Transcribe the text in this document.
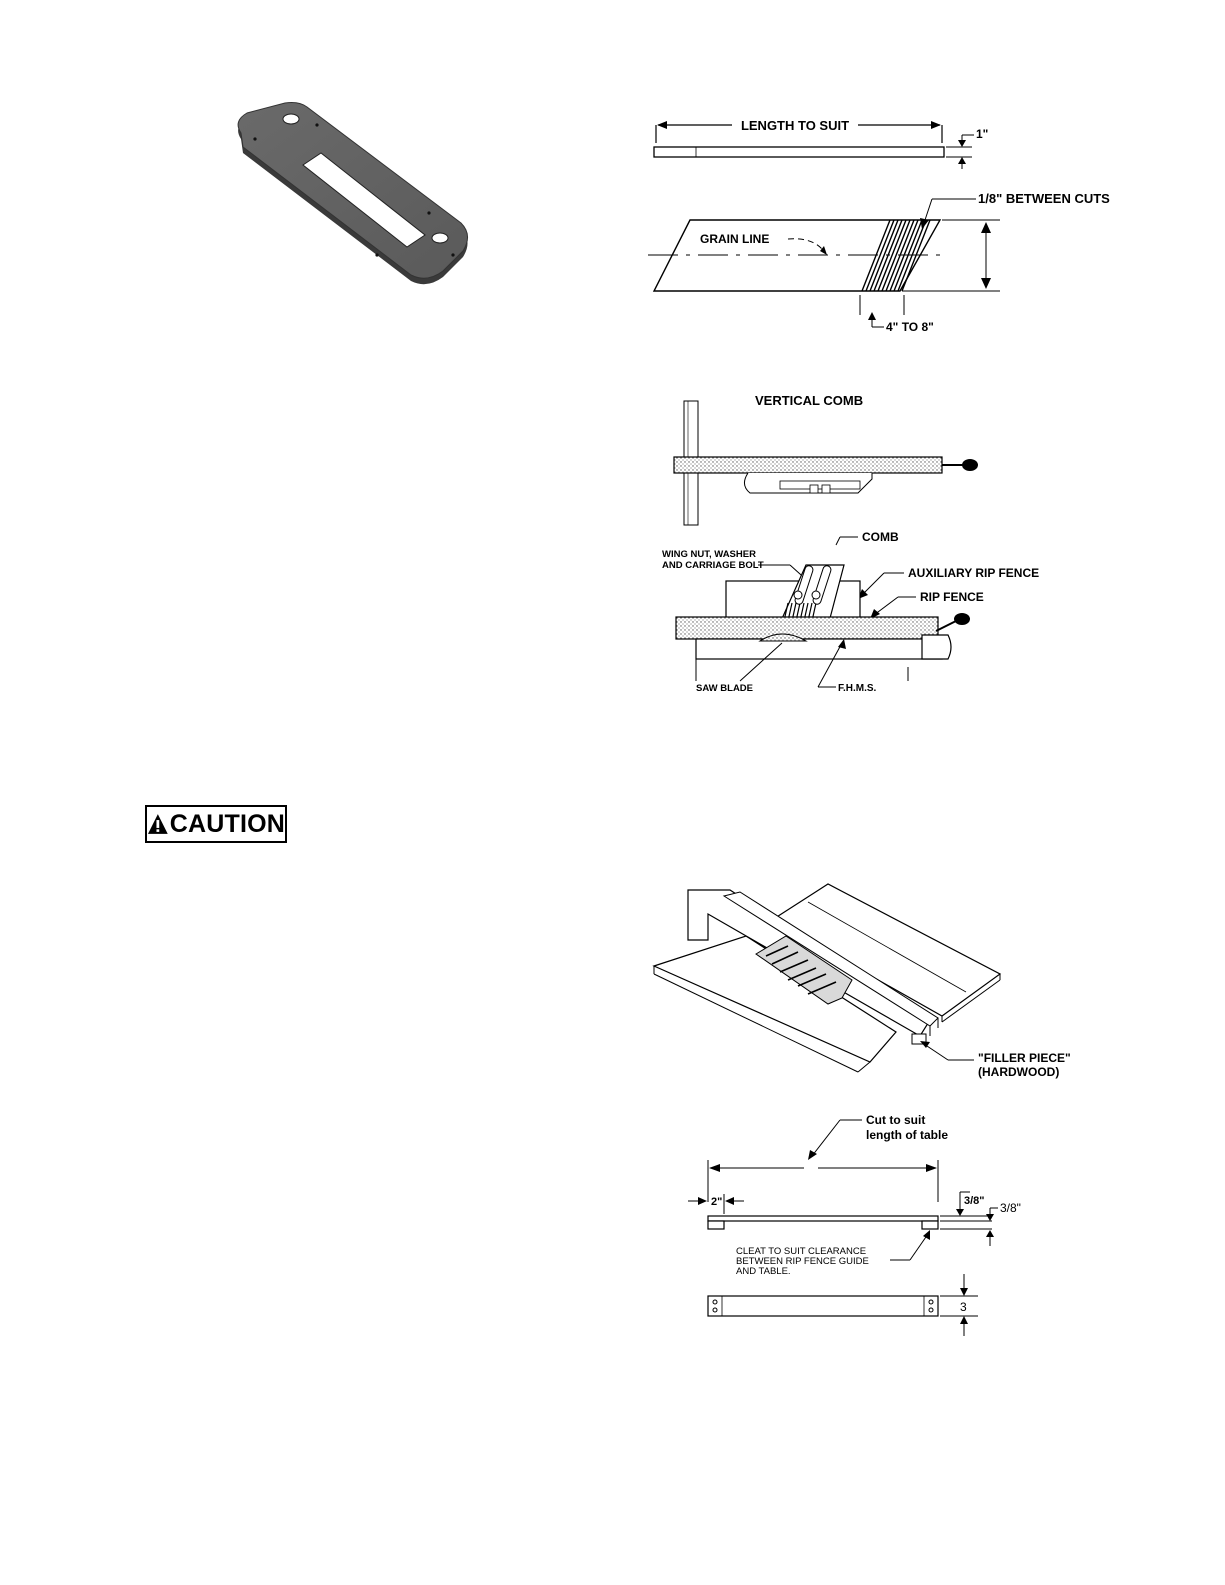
LENGTH TO SUIT
1"
GRAIN LINE
1/8" BETWEEN CUTS
4" TO 8"
VERTICAL COMB
COMB
WING NUT, WASHER
AND CARRIAGE BOLT
AUXILIARY RIP FENCE
RIP FENCE
SAW BLADE	F.H.M.S.
CAUTION
"FILLER PIECE"
(HARDWOOD)
Cut to suit
length of table
2"	3/8" 3/8"
CLEAT TO SUIT CLEARANCE
BETWEEN RIP FENCE GUIDE
AND TABLE.
3
